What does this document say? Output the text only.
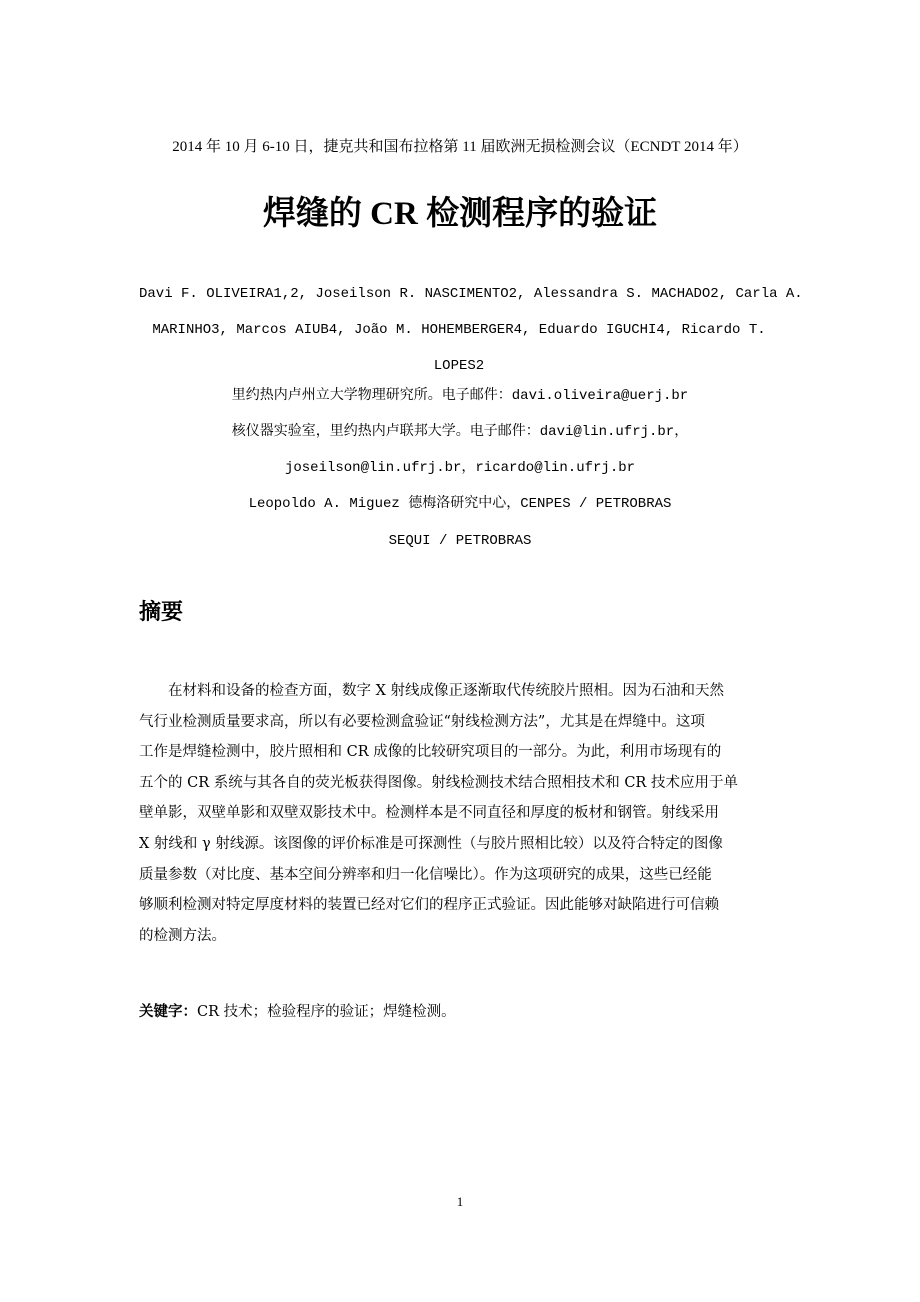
2014 年 10 月 6-10 日，捷克共和国布拉格第 11 届欧洲无损检测会议（ECNDT 2014 年）
焊缝的 CR 检测程序的验证
Davi F. OLIVEIRA1,2, Joseilson R. NASCIMENTO2, Alessandra S. MACHADO2, Carla A.
MARINHO3, Marcos AIUB4, João M. HOHEMBERGER4, Eduardo IGUCHI4, Ricardo T.
LOPES2
里约热内卢州立大学物理研究所。电子邮件：davi.oliveira@uerj.br
核仪器实验室，里约热内卢联邦大学。电子邮件：davi@lin.ufrj.br，
joseilson@lin.ufrj.br，ricardo@lin.ufrj.br
Leopoldo A. Miguez 德梅洛研究中心，CENPES / PETROBRAS
SEQUI / PETROBRAS
摘要
　　在材料和设备的检查方面，数字 X 射线成像正逐渐取代传统胶片照相。因为石油和天然
气行业检测质量要求高，所以有必要检测盒验证“射线检测方法”，尤其是在焊缝中。这项
工作是焊缝检测中，胶片照相和 CR 成像的比较研究项目的一部分。为此，利用市场现有的
五个的 CR 系统与其各自的荧光板获得图像。射线检测技术结合照相技术和 CR 技术应用于单
壁单影，双壁单影和双壁双影技术中。检测样本是不同直径和厚度的板材和钢管。射线采用
X 射线和 γ 射线源。该图像的评价标准是可探测性（与胶片照相比较）以及符合特定的图像
质量参数（对比度、基本空间分辨率和归一化信噪比）。作为这项研究的成果，这些已经能
够顺利检测对特定厚度材料的装置已经对它们的程序正式验证。因此能够对缺陷进行可信赖
的检测方法。
关键字：CR 技术；检验程序的验证；焊缝检测。
1
